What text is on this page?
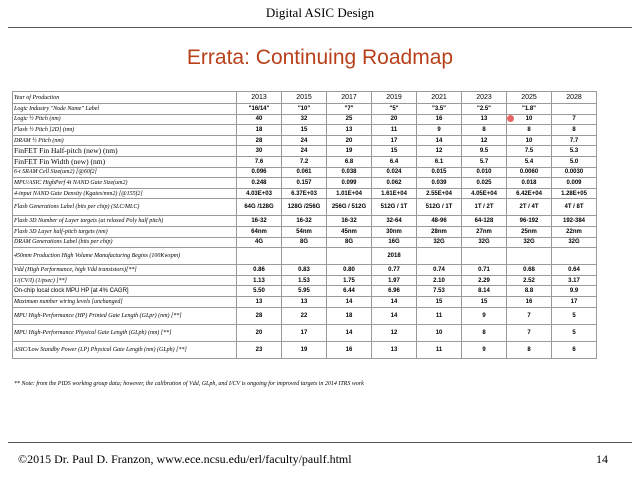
Digital ASIC Design
Errata: Continuing Roadmap
Year of Production	2013	2015	2017	2019	2021	2023	2025	2028
Logic Industry "Node Name" Label	"16/14"	"10"	"7"	"5"	"3.5"	"2.5"	"1.8"	
Logic ½ Pitch (nm)	40	32	25	20	16	13	10	7
Flash ½ Pitch [2D] (nm)	18	15	13	11	9	8	8	8
DRAM ½ Pitch (nm)	28	24	20	17	14	12	10	7.7
FinFET Fin Half-pitch (new) (nm)	30	24	19	15	12	9.5	7.5	5.3
FinFET Fin Width (new) (nm)	7.6	7.2	6.8	6.4	6.1	5.7	5.4	5.0
6-t SRAM Cell Size(um2) [@60f2]	0.096	0.061	0.038	0.024	0.015	0.010	0.0060	0.0030
MPU/ASIC HighPerf 4t NAND Gate Size(um2)	0.248	0.157	0.099	0.062	0.039	0.025	0.018	0.009
4-input NAND Gate Density (Kgates/mm2) [@155f2]	4.03E+03	6.37E+03	1.01E+04	1.61E+04	2.55E+04	4.05E+04	6.42E+04	1.28E+05
Flash Generations Label (bits per chip) (SLC/MLC)	64G /128G	128G /256G	256G / 512G	512G / 1T	512G / 1T	1T / 2T	2T / 4T	4T / 8T
Flash 3D Number of Layer targets (at relaxed Poly half pitch)	16-32	16-32	16-32	32-64	48-96	64-128	96-192	192-384
Flash 3D Layer half-pitch targets (nm)	64nm	54nm	45nm	30nm	28nm	27nm	25nm	22nm
DRAM Generations Label (bits per chip)	4G	8G	8G	16G	32G	32G	32G	32G
450mm Production High Volume Manufacturing Begins (100Kwspm)				2018				
Vdd (High Performance, high Vdd transistors)[**]	0.86	0.83	0.80	0.77	0.74	0.71	0.68	0.64
1/(CV/I) (1/psec) [**]	1.13	1.53	1.75	1.97	2.10	2.29	2.52	3.17
On-chip local clock MPU HP [at 4% CAGR]	5.50	5.95	6.44	6.96	7.53	8.14	8.8	9.9
Maximum number wiring levels [unchanged]	13	13	14	14	15	15	16	17
MPU High-Performance (HP) Printed Gate Length (GLpr) (nm) [**]	28	22	18	14	11	9	7	5
MPU High-Performance Physical Gate Length (GLph) (nm) [**]	20	17	14	12	10	8	7	5
ASIC/Low Standby Power (LP) Physical Gate Length (nm) (GLph) [**]	23	19	16	13	11	9	8	6
** Note: from the PIDS working group data; however, the calibration of Vdd, GLph, and I/CV is ongoing for improved targets in 2014 ITRS work
©2015 Dr. Paul D. Franzon, www.ece.ncsu.edu/erl/faculty/paulf.html	14
